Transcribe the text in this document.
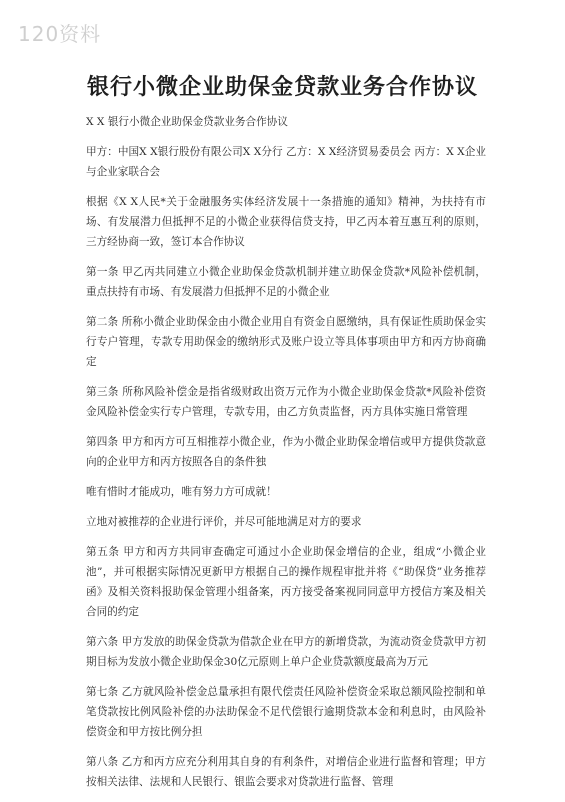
120资料
银行小微企业助保金贷款业务合作协议

X X 银行小微企业助保金贷款业务合作协议

甲方：中国X X银行股份有限公司X X分行 乙方：X X经济贸易委员会 丙方：X X企业与企业家联合会

根据《X X人民*关于金融服务实体经济发展十一条措施的通知》精神，为扶持有市场、有发展潜力但抵押不足的小微企业获得信贷支持，甲乙丙本着互惠互利的原则，三方经协商一致，签订本合作协议

第一条 甲乙丙共同建立小微企业助保金贷款机制并建立助保金贷款*风险补偿机制，重点扶持有市场、有发展潜力但抵押不足的小微企业

第二条 所称小微企业助保金由小微企业用自有资金自愿缴纳，具有保证性质助保金实行专户管理，专款专用助保金的缴纳形式及账户设立等具体事项由甲方和丙方协商确定

第三条 所称风险补偿金是指省级财政出资万元作为小微企业助保金贷款*风险补偿资金风险补偿金实行专户管理，专款专用，由乙方负责监督，丙方具体实施日常管理

第四条 甲方和丙方可互相推荐小微企业，作为小微企业助保金增信或甲方提供贷款意向的企业甲方和丙方按照各自的条件独

唯有惜时才能成功，唯有努力方可成就！

立地对被推荐的企业进行评价，并尽可能地满足对方的要求

第五条 甲方和丙方共同审查确定可通过小企业助保金增信的企业，组成“小微企业池”，并可根据实际情况更新甲方根据自己的操作规程审批并将《“助保贷”业务推荐函》及相关资料报助保金管理小组备案，丙方接受备案视同同意甲方授信方案及相关合同的约定

第六条 甲方发放的助保金贷款为借款企业在甲方的新增贷款，为流动资金贷款甲方初期目标为发放小微企业助保金30亿元原则上单户企业贷款额度最高为万元

第七条 乙方就风险补偿金总量承担有限代偿责任风险补偿资金采取总额风险控制和单笔贷款按比例风险补偿的办法助保金不足代偿银行逾期贷款本金和利息时，由风险补偿资金和甲方按比例分担

第八条 乙方和丙方应充分利用其自身的有利条件，对增信企业进行监督和管理；甲方按相关法律、法规和人民银行、银监会要求对贷款进行监督、管理
